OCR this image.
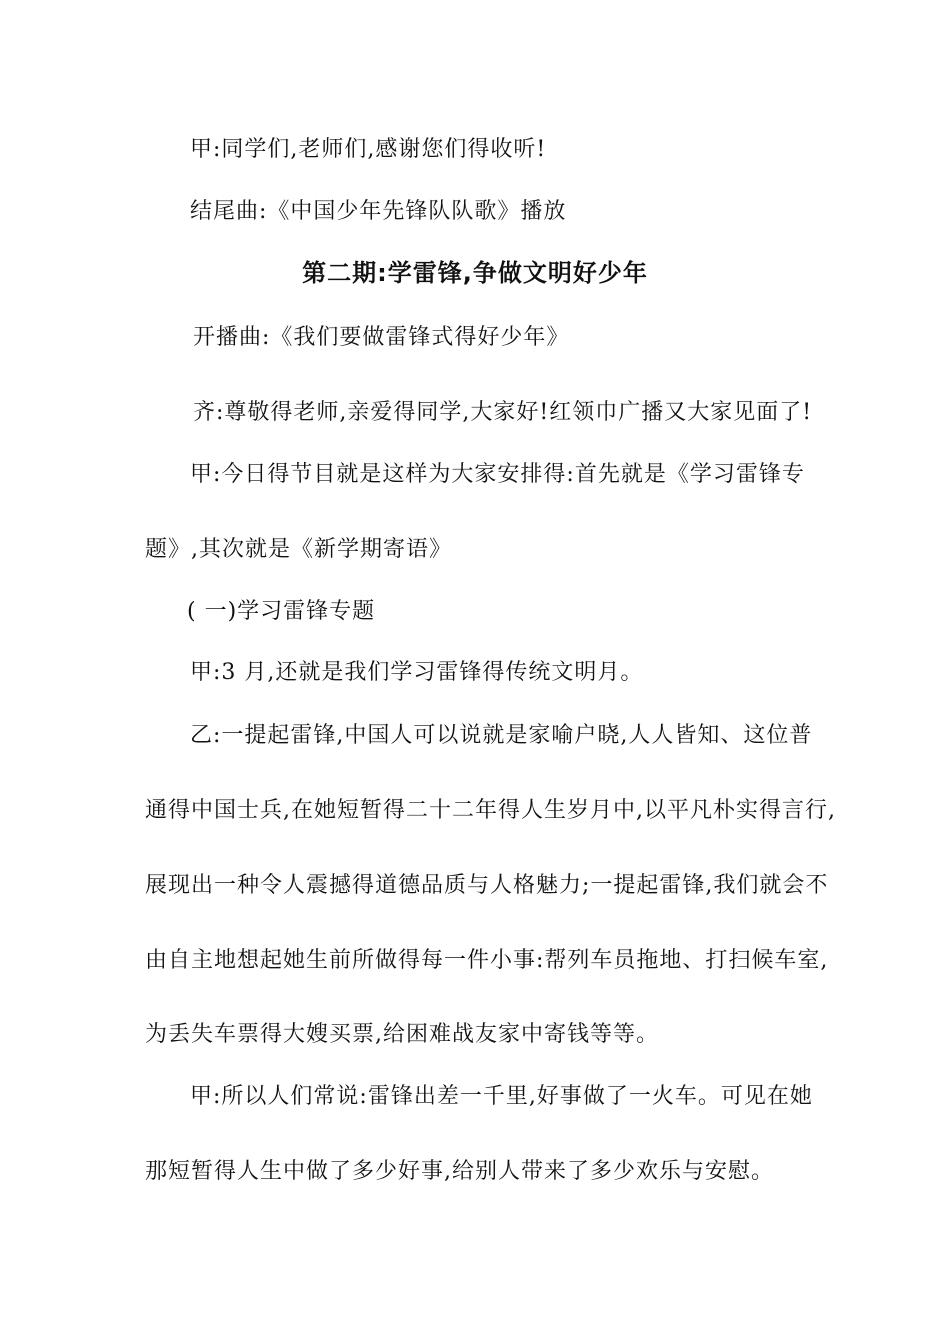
甲:同学们,老师们,感谢您们得收听!
结尾曲:《中国少年先锋队队歌》播放
第二期:学雷锋,争做文明好少年
开播曲:《我们要做雷锋式得好少年》
齐:尊敬得老师,亲爱得同学,大家好!红领巾广播又大家见面了!
甲:今日得节目就是这样为大家安排得:首先就是《学习雷锋专
题》,其次就是《新学期寄语》
( 一)学习雷锋专题
甲:3 月,还就是我们学习雷锋得传统文明月。
乙:一提起雷锋,中国人可以说就是家喻户晓,人人皆知、这位普
通得中国士兵,在她短暂得二十二年得人生岁月中,以平凡朴实得言行,
展现出一种令人震撼得道德品质与人格魅力;一提起雷锋,我们就会不
由自主地想起她生前所做得每一件小事:帮列车员拖地、打扫候车室,
为丢失车票得大嫂买票,给困难战友家中寄钱等等。
甲:所以人们常说:雷锋出差一千里,好事做了一火车。可见在她
那短暂得人生中做了多少好事,给别人带来了多少欢乐与安慰。
